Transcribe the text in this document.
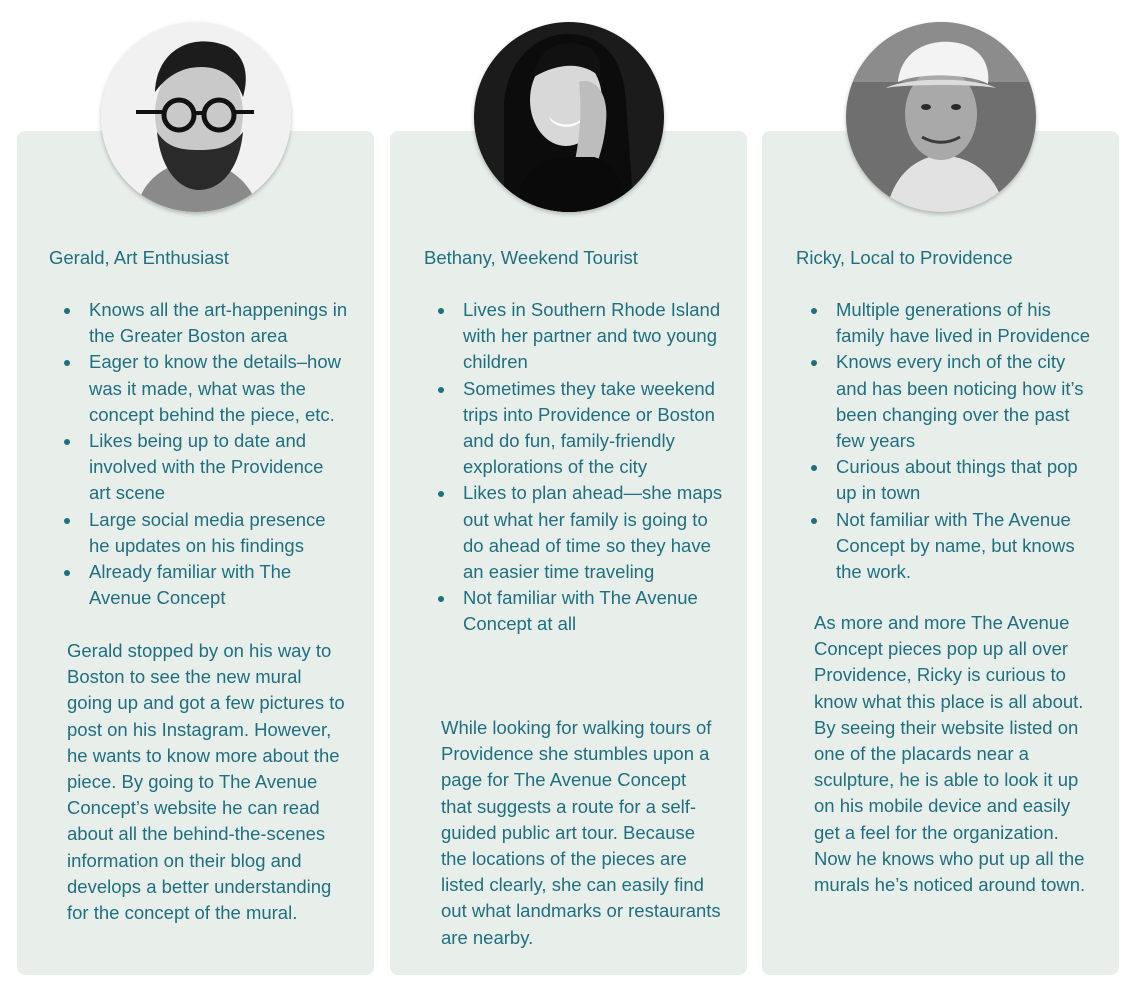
Gerald, Art Enthusiast	Bethany, Weekend Tourist	Ricky, Local to Providence
Knows all the art-happenings in the Greater Boston area
Eager to know the details–how was it made, what was the concept behind the piece, etc.
Likes being up to date and involved with the Providence art scene
Large social media presence he updates on his findings
Already familiar with The Avenue Concept
Lives in Southern Rhode Island with her partner and two young children
Sometimes they take weekend trips into Providence or Boston and do fun, family-friendly explorations of the city
Likes to plan ahead—she maps out what her family is going to do ahead of time so they have an easier time traveling
Not familiar with The Avenue Concept at all
Multiple generations of his family have lived in Providence
Knows every inch of the city and has been noticing how it’s been changing over the past few years
Curious about things that pop up in town
Not familiar with The Avenue Concept by name, but knows the work.

Gerald stopped by on his way to Boston to see the new mural going up and got a few pictures to post on his Instagram. However, he wants to know more about the piece. By going to The Avenue Concept’s website he can read about all the behind-the-scenes information on their blog and develops a better understanding for the concept of the mural.

While looking for walking tours of Providence she stumbles upon a page for The Avenue Concept that suggests a route for a self-guided public art tour. Because the locations of the pieces are listed clearly, she can easily find out what landmarks or restaurants are nearby.

As more and more The Avenue Concept pieces pop up all over Providence, Ricky is curious to know what this place is all about. By seeing their website listed on one of the placards near a sculpture, he is able to look it up on his mobile device and easily get a feel for the organization. Now he knows who put up all the murals he’s noticed around town.
